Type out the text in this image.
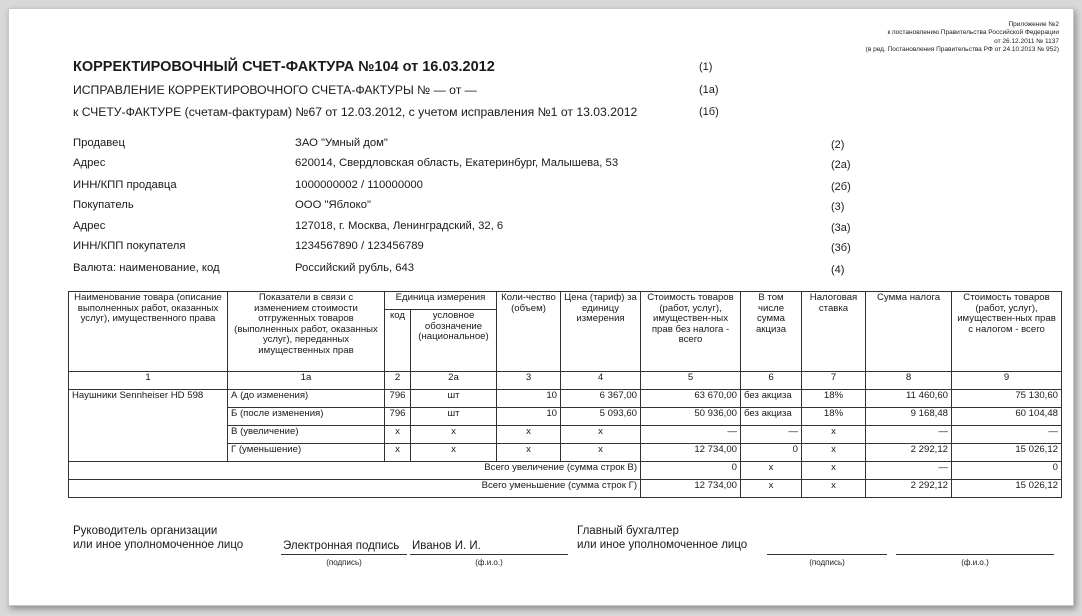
Приложение №2
к постановлению Правительства Российской Федерации
от 26.12.2011 № 1137
(в ред. Постановления Правительства РФ от 24.10.2013 № 952)
КОРРЕКТИРОВОЧНЫЙ СЧЕТ-ФАКТУРА №104 от 16.03.2012	(1)
ИСПРАВЛЕНИЕ КОРРЕКТИРОВОЧНОГО СЧЕТА-ФАКТУРЫ № — от —	(1а)
к СЧЕТУ-ФАКТУРЕ (счетам-фактурам) №67 от 12.03.2012, с учетом исправления №1 от 13.03.2012	(1б)
Продавец	ЗАО "Умный дом"	(2)
Адрес	620014, Свердловская область, Екатеринбург, Малышева, 53	(2а)
ИНН/КПП продавца	1000000002 / 110000000	(2б)
Покупатель	ООО "Яблоко"	(3)
Адрес	127018, г. Москва, Ленинградский, 32, 6	(3а)
ИНН/КПП покупателя	1234567890 / 123456789	(3б)
Валюта: наименование, код	Российский рубль, 643	(4)
Наименование товара (описание выполненных работ, оказанных услуг), имущественного права	Показатели в связи с изменением стоимости отгруженных товаров (выполненных работ, оказанных услуг), переданных имущественных прав	Единица измерения		Коли-чество (объем)	Цена (тариф) за единицу измерения	Стоимость товаров (работ, услуг), имуществен-ных прав без налога - всего	В том числе сумма акциза	Налоговая ставка	Сумма налога	Стоимость товаров (работ, услуг), имуществен-ных прав с налогом - всего
		код	условное обозначение (национальное)							
1	1а	2	2а	3	4	5	6	7	8	9
Наушники Sennheiser HD 598	А (до изменения)	796	шт	10	6 367,00	63 670,00	без акциза	18%	11 460,60	75 130,60
	Б (после изменения)	796	шт	10	5 093,60	50 936,00	без акциза	18%	9 168,48	60 104,48
	В (увеличение)	х	х	х	х	—	—	х	—	—
	Г (уменьшение)	х	х	х	х	12 734,00	0	х	2 292,12	15 026,12
Всего увеличение (сумма строк В)						0	х	х	—	0
Всего уменьшение (сумма строк Г)						12 734,00	х	х	2 292,12	15 026,12
Руководитель организации
или иное уполномоченное лицо	Электронная подпись
(подпись)
Иванов И. И.
(ф.и.о.)
Главный бухгалтер
или иное уполномоченное лицо
(подпись)	(ф.и.о.)
